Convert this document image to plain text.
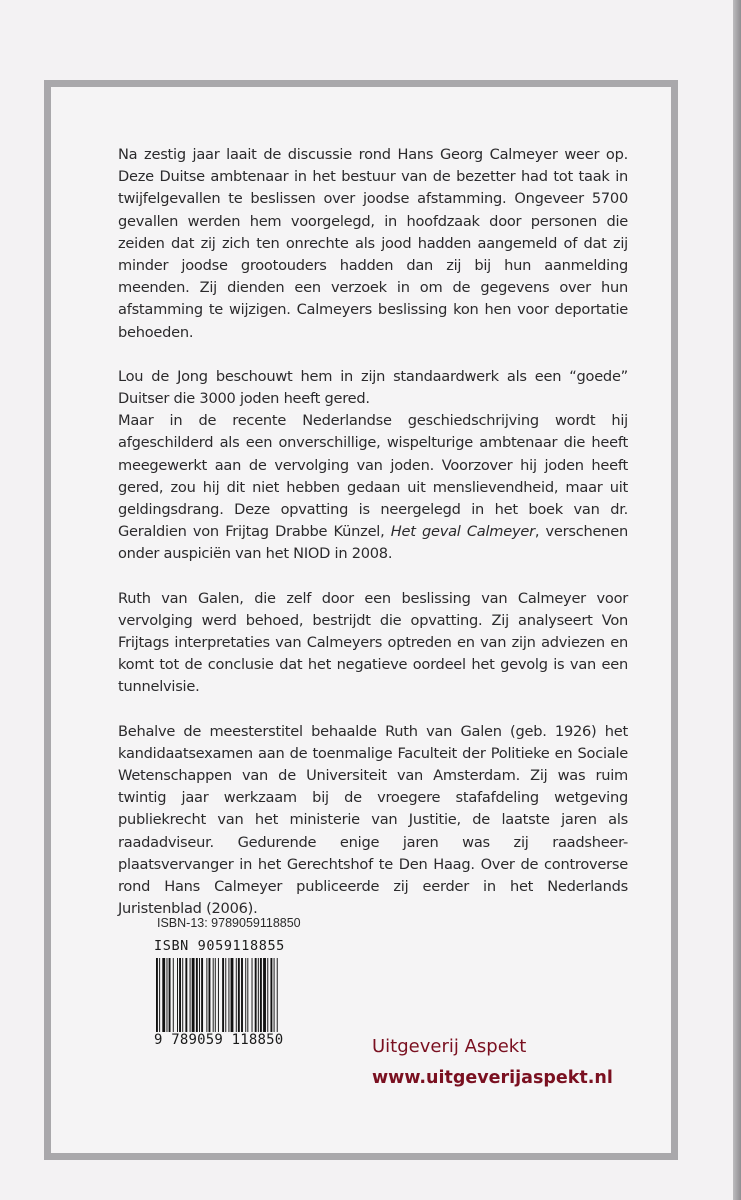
Na zestig jaar laait de discussie rond Hans Georg Calmeyer weer op. Deze Duitse ambtenaar in het bestuur van de bezetter had tot taak in twijfelgevallen te beslissen over joodse afstamming. Ongeveer 5700 gevallen werden hem voorgelegd, in hoofdzaak door personen die zeiden dat zij zich ten onrechte als jood hadden aangemeld of dat zij minder joodse grootouders hadden dan zij bij hun aanmelding meenden. Zij dienden een verzoek in om de gegevens over hun afstamming te wijzigen. Calmeyers beslissing kon hen voor deportatie behoeden.

Lou de Jong beschouwt hem in zijn standaardwerk als een “goede” Duitser die 3000 joden heeft gered.

Maar in de recente Nederlandse geschiedschrijving wordt hij afgeschilderd als een onverschillige, wispelturige ambtenaar die heeft meegewerkt aan de vervolging van joden. Voorzover hij joden heeft gered, zou hij dit niet hebben gedaan uit menslievendheid, maar uit geldingsdrang. Deze opvatting is neergelegd in het boek van dr. Geraldien von Frijtag Drabbe Künzel, Het geval Calmeyer, verschenen onder auspiciën van het NIOD in 2008.

Ruth van Galen, die zelf door een beslissing van Calmeyer voor vervolging werd behoed, bestrijdt die opvatting. Zij analyseert Von Frijtags interpretaties van Calmeyers optreden en van zijn adviezen en komt tot de conclusie dat het negatieve oordeel het gevolg is van een tunnelvisie.

Behalve de meesterstitel behaalde Ruth van Galen (geb. 1926) het kandidaatsexamen aan de toenmalige Faculteit der Politieke en Sociale Wetenschappen van de Universiteit van Amsterdam. Zij was ruim twintig jaar werkzaam bij de vroegere stafafdeling wetgeving publiekrecht van het ministerie van Justitie, de laatste jaren als raadadviseur. Gedurende enige jaren was zij raadsheer- plaatsvervanger in het Gerechtshof te Den Haag. Over de controverse rond Hans Calmeyer publiceerde zij eerder in het Nederlands Juristenblad (2006).

ISBN-13: 9789059118850
ISBN 9059118855
9 789059 118850	Uitgeverij Aspekt
www.uitgeverijaspekt.nl
